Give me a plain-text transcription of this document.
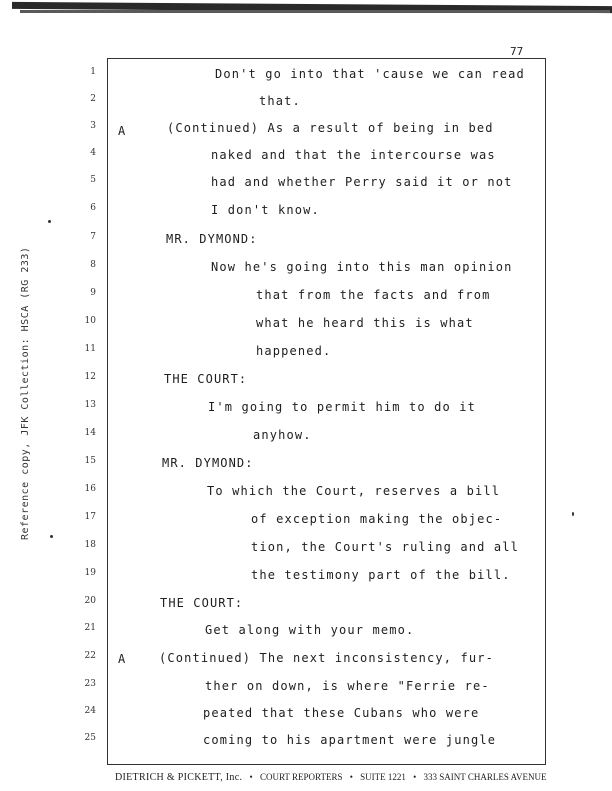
Reference copy, JFK Collection: HSCA (RG 233)
77
1
2
3
4
5
6
7
8
9
10
11
12
13
14
15
16
17
18
19
20
21
22
23
24
25
A
A
Don't go into that 'cause we can read
that.
(Continued) As a result of being in bed
naked and that the intercourse was
had and whether Perry said it or not
I don't know.
MR. DYMOND:
Now he's going into this man opinion
that from the facts and from
what he heard this is what
happened.
THE COURT:
I'm going to permit him to do it
anyhow.
MR. DYMOND:
To which the Court, reserves a bill
of exception making the objec-
tion, the Court's ruling and all
the testimony part of the bill.
THE COURT:
Get along with your memo.
(Continued) The next inconsistency, fur-
ther on down, is where "Ferrie re-
peated that these Cubans who were
coming to his apartment were jungle
DIETRICH & PICKETT, Inc. • COURT REPORTERS • SUITE 1221 • 333 SAINT CHARLES AVENUE
